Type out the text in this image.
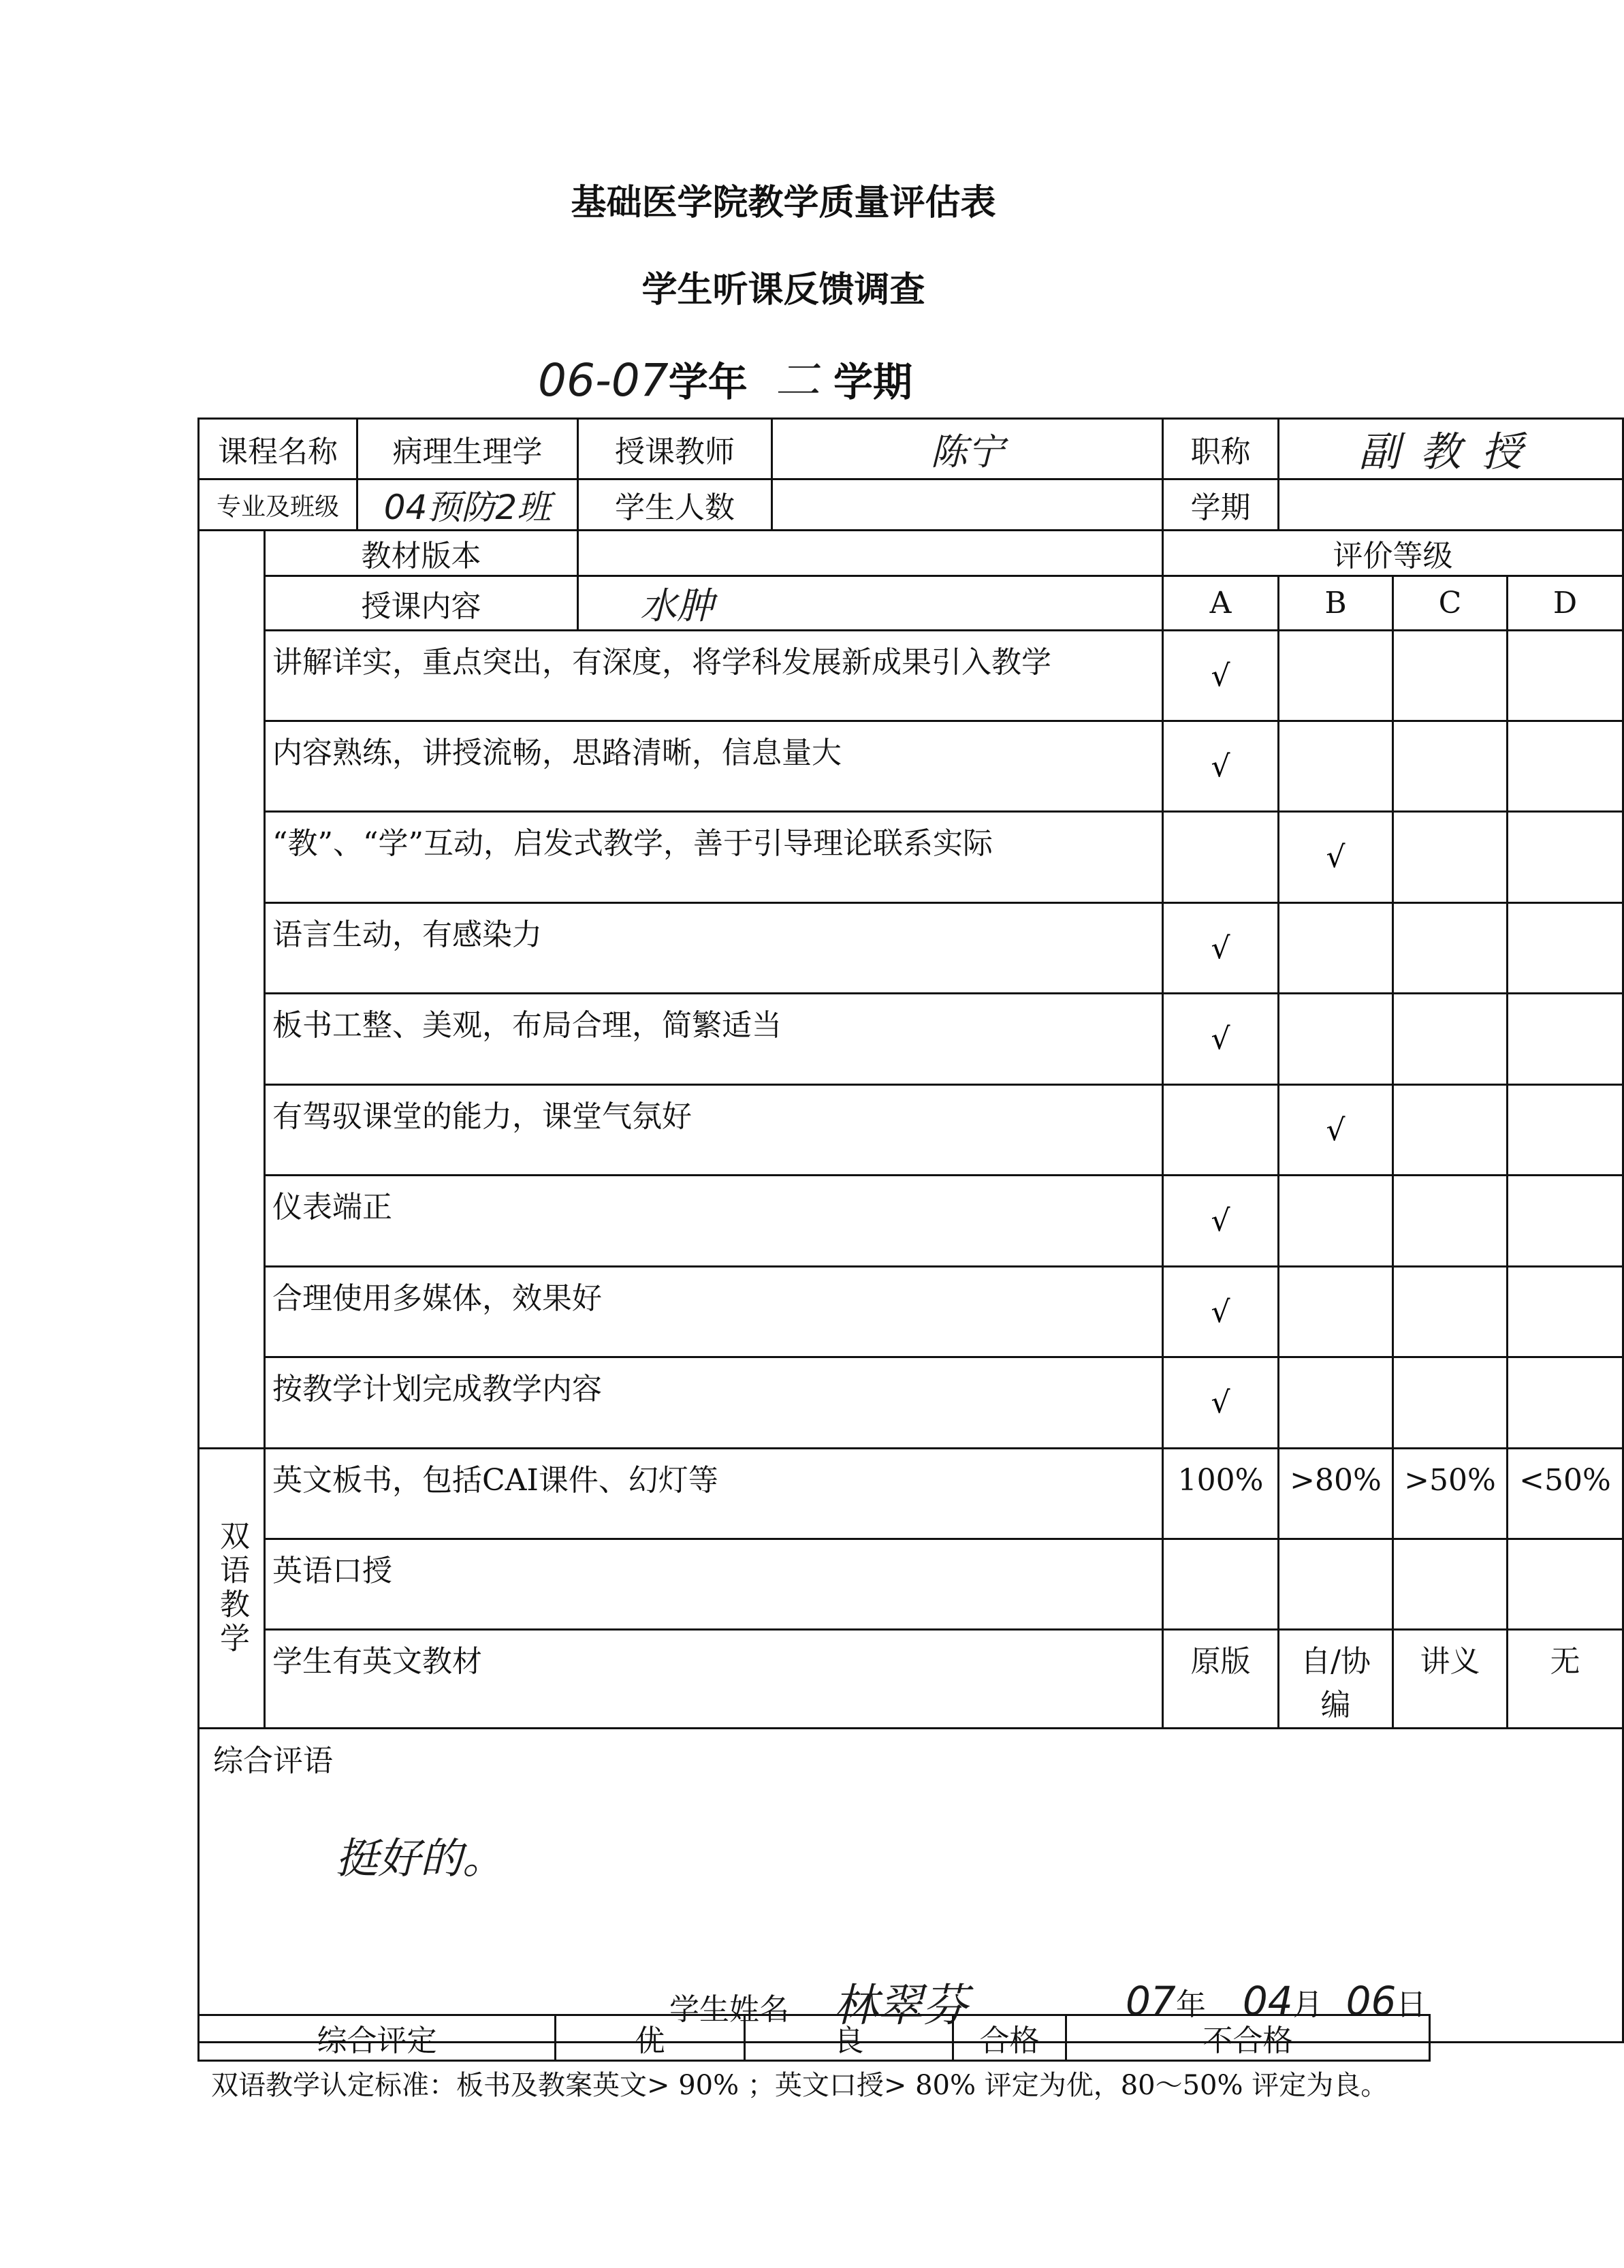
基础医学院教学质量评估表
学生听课反馈调查
06-07学年 二 学期
课程名称		病理生理学	授课教师	陈宁	职称	副教授		
专业及班级		04预防2班	学生人数		学期			
	教材版本				评价等级			
	授课内容		水肿		A	B	C	D
	讲解详实，重点突出，有深度，将学科发展新成果引入教学				√			
	内容熟练，讲授流畅，思路清晰，信息量大				√			
	“教”、“学”互动，启发式教学，善于引导理论联系实际					√		
	语言生动，有感染力				√			
	板书工整、美观，布局合理，简繁适当				√			
	有驾驭课堂的能力，课堂气氛好					√		
	仪表端正				√			
	合理使用多媒体，效果好				√			
	按教学计划完成教学内容				√			
双语教学	英文板书，包括CAI课件、幻灯等				100%	>80%	>50%	<50%
	英语口授							
	学生有英文教材				原版	自/协编	讲义	无

综合评语
挺好的。
学生姓名 林翠芬 07年 04月 06日								
综合评定	优	良	合格	不合格
双语教学认定标准：板书及教案英文> 90% ；英文口授> 80% 评定为优，80～50% 评定为良。
